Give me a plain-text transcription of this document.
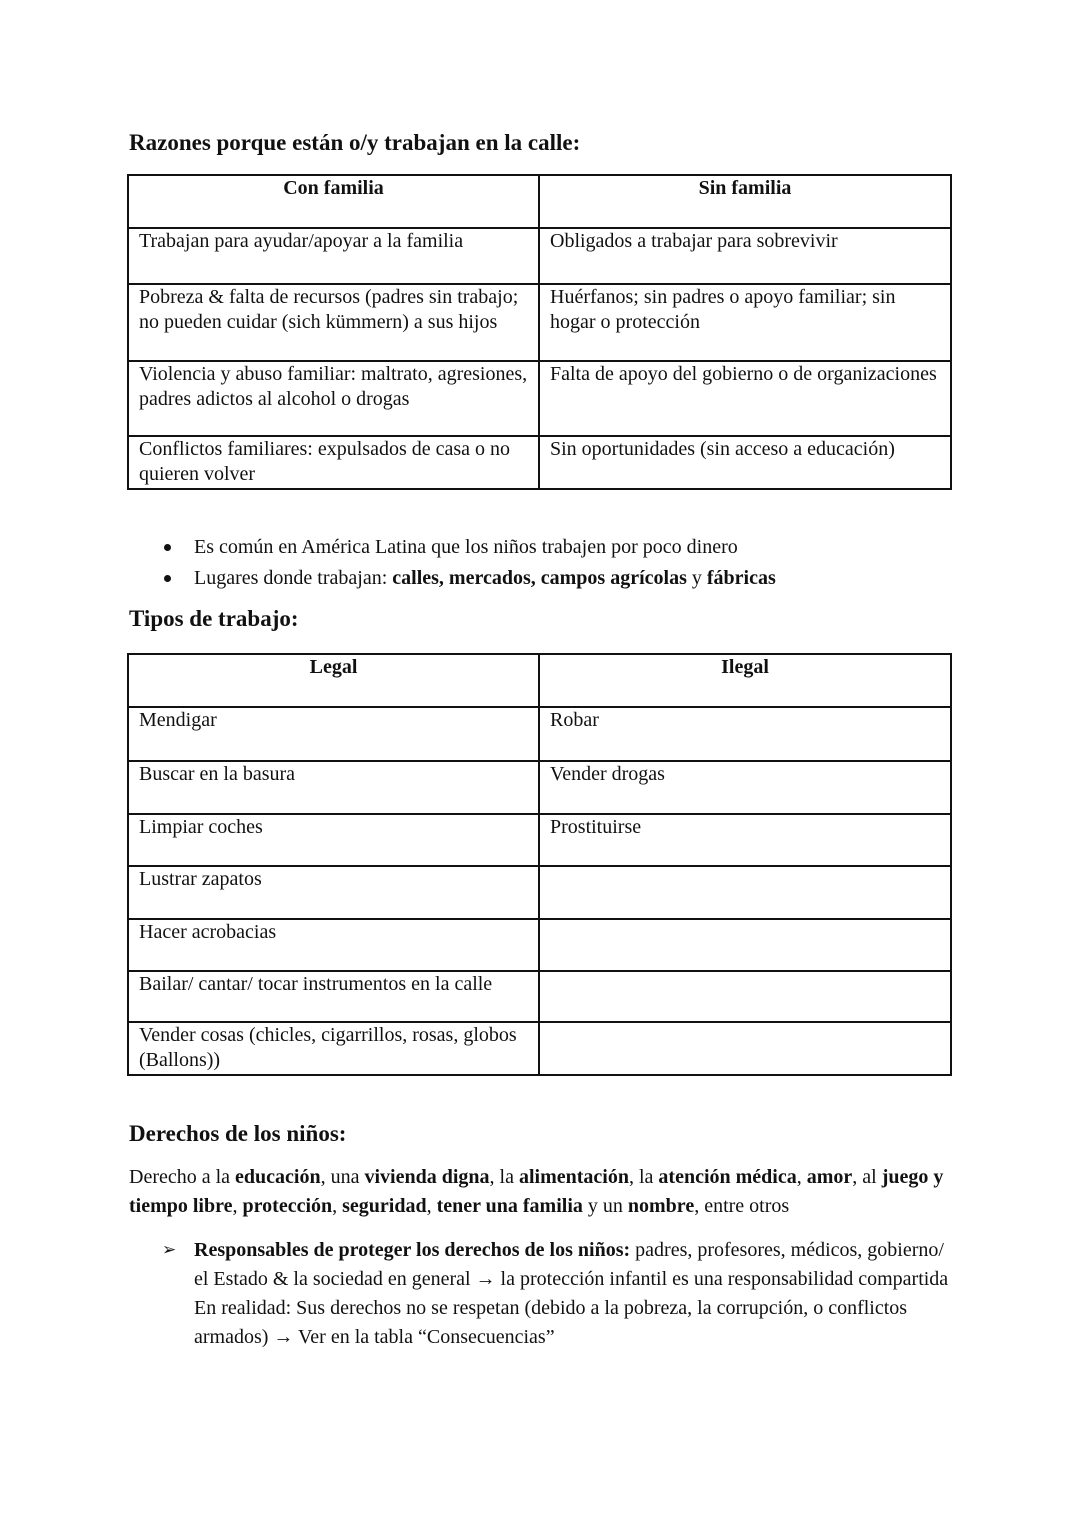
Razones porque están o/y trabajan en la calle:
Con familia	Sin familia
Trabajan para ayudar/apoyar a la familia	Obligados a trabajar para sobrevivir
Pobreza & falta de recursos (padres sin trabajo; no pueden cuidar (sich kümmern) a sus hijos	Huérfanos; sin padres o apoyo familiar; sin hogar o protección
Violencia y abuso familiar: maltrato, agresiones, padres adictos al alcohol o drogas	Falta de apoyo del gobierno o de organizaciones
Conflictos familiares: expulsados de casa o no quieren volver	Sin oportunidades (sin acceso a educación)
Es común en América Latina que los niños trabajen por poco dinero
Lugares donde trabajan: calles, mercados, campos agrícolas y fábricas
Tipos de trabajo:
Legal	Ilegal
Mendigar	Robar
Buscar en la basura	Vender drogas
Limpiar coches	Prostituirse
Lustrar zapatos	
Hacer acrobacias	
Bailar/ cantar/ tocar instrumentos en la calle	
Vender cosas (chicles, cigarrillos, rosas, globos (Ballons))	
Derechos de los niños:

Derecho a la educación, una vivienda digna, la alimentación, la atención médica, amor, al juego y tiempo libre, protección, seguridad, tener una familia y un nombre, entre otros

➢ Responsables de proteger los derechos de los niños: padres, profesores, médicos, gobierno/ el Estado & la sociedad en general → la protección infantil es una responsabilidad compartida
En realidad: Sus derechos no se respetan (debido a la pobreza, la corrupción, o conflictos armados) → Ver en la tabla “Consecuencias”
